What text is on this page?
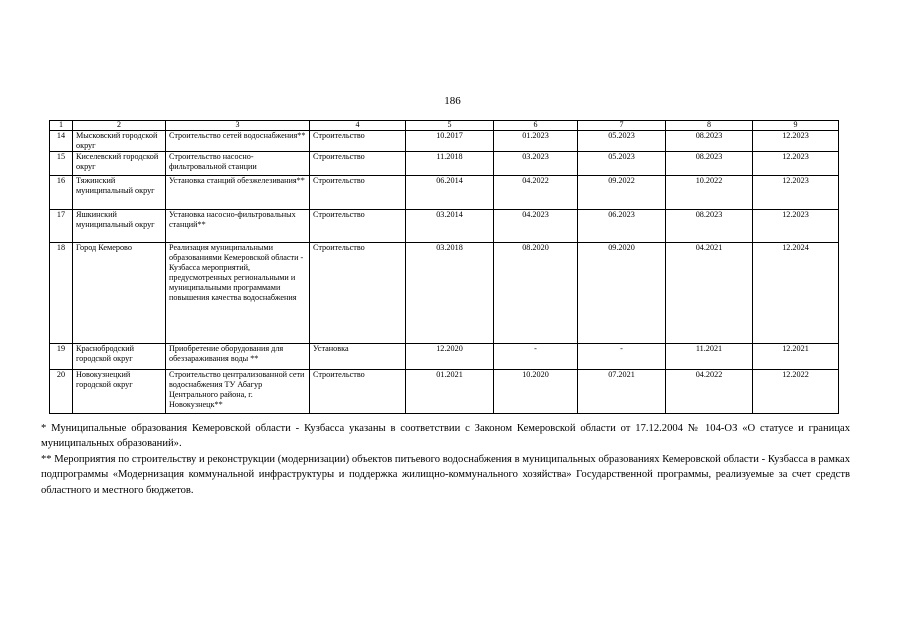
186
1	2	3	4	5	6	7	8	9
14	Мысковский городской округ	Строительство сетей водоснабжения**	Строительство	10.2017	01.2023	05.2023	08.2023	12.2023
15	Киселевский городской округ	Строительство насосно-фильтровальной станции	Строительство	11.2018	03.2023	05.2023	08.2023	12.2023
16	Тяжинский муниципальный округ	Установка станций обезжелезивания**	Строительство	06.2014	04.2022	09.2022	10.2022	12.2023
17	Яшкинский муниципальный округ	Установка насосно-фильтровальных станций**	Строительство	03.2014	04.2023	06.2023	08.2023	12.2023
18	Город Кемерово	Реализация муниципальными образованиями Кемеровской области - Кузбасса мероприятий, предусмотренных региональными и муниципальными программами повышения качества водоснабжения	Строительство	03.2018	08.2020	09.2020	04.2021	12.2024
19	Краснобродский городской округ	Приобретение оборудования для обеззараживания воды **	Установка	12.2020	-	-	11.2021	12.2021
20	Новокузнецкий городской округ	Строительство централизованной сети водоснабжения ТУ Абагур Центрального района, г. Новокузнецк**	Строительство	01.2021	10.2020	07.2021	04.2022	12.2022

* Муниципальные образования Кемеровской области - Кузбасса указаны в соответствии с Законом Кемеровской области от 17.12.2004 № 104-ОЗ «О статусе и границах муниципальных образований».

** Мероприятия по строительству и реконструкции (модернизации) объектов питьевого водоснабжения в муниципальных образованиях Кемеровской области - Кузбасса в рамках подпрограммы «Модернизация коммунальной инфраструктуры и поддержка жилищно-коммунального хозяйства» Государственной программы, реализуемые за счет средств областного и местного бюджетов.
